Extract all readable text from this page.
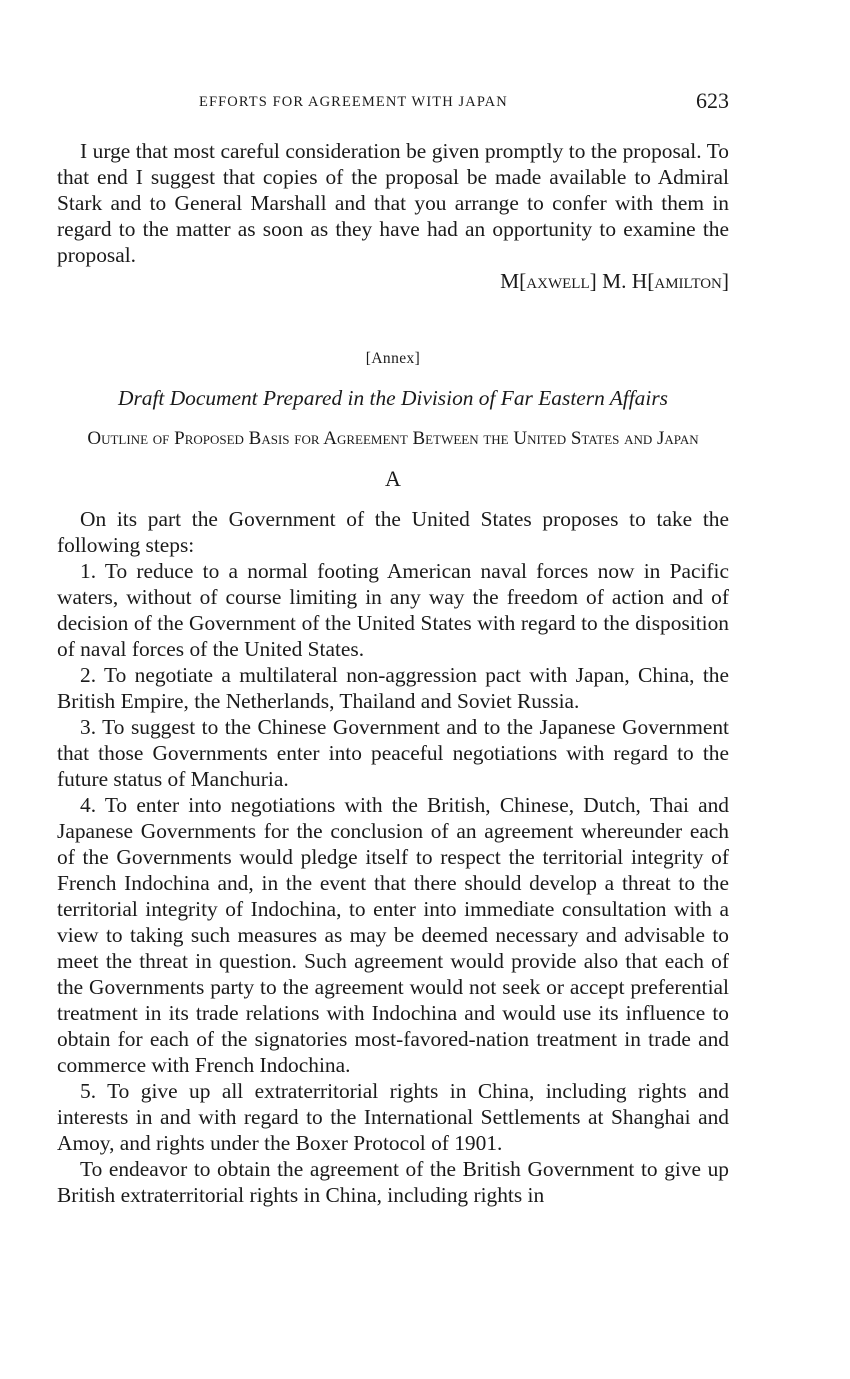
EFFORTS FOR AGREEMENT WITH JAPAN	623

I urge that most careful consideration be given promptly to the proposal. To that end I suggest that copies of the proposal be made available to Admiral Stark and to General Marshall and that you arrange to confer with them in regard to the matter as soon as they have had an opportunity to examine the proposal.

M[axwell] M. H[amilton]

[Annex]

Draft Document Prepared in the Division of Far Eastern Affairs

Outline of Proposed Basis for Agreement Between the United States and Japan

A

On its part the Government of the United States proposes to take the following steps:

1. To reduce to a normal footing American naval forces now in Pacific waters, without of course limiting in any way the freedom of action and of decision of the Government of the United States with regard to the disposition of naval forces of the United States.

2. To negotiate a multilateral non-aggression pact with Japan, China, the British Empire, the Netherlands, Thailand and Soviet Russia.

3. To suggest to the Chinese Government and to the Japanese Government that those Governments enter into peaceful negotiations with regard to the future status of Manchuria.

4. To enter into negotiations with the British, Chinese, Dutch, Thai and Japanese Governments for the conclusion of an agreement whereunder each of the Governments would pledge itself to respect the territorial integrity of French Indochina and, in the event that there should develop a threat to the territorial integrity of Indochina, to enter into immediate consultation with a view to taking such measures as may be deemed necessary and advisable to meet the threat in question. Such agreement would provide also that each of the Governments party to the agreement would not seek or accept preferential treatment in its trade relations with Indochina and would use its influence to obtain for each of the signatories most-favored-nation treatment in trade and commerce with French Indochina.

5. To give up all extraterritorial rights in China, including rights and interests in and with regard to the International Settlements at Shanghai and Amoy, and rights under the Boxer Protocol of 1901.

To endeavor to obtain the agreement of the British Government to give up British extraterritorial rights in China, including rights in
